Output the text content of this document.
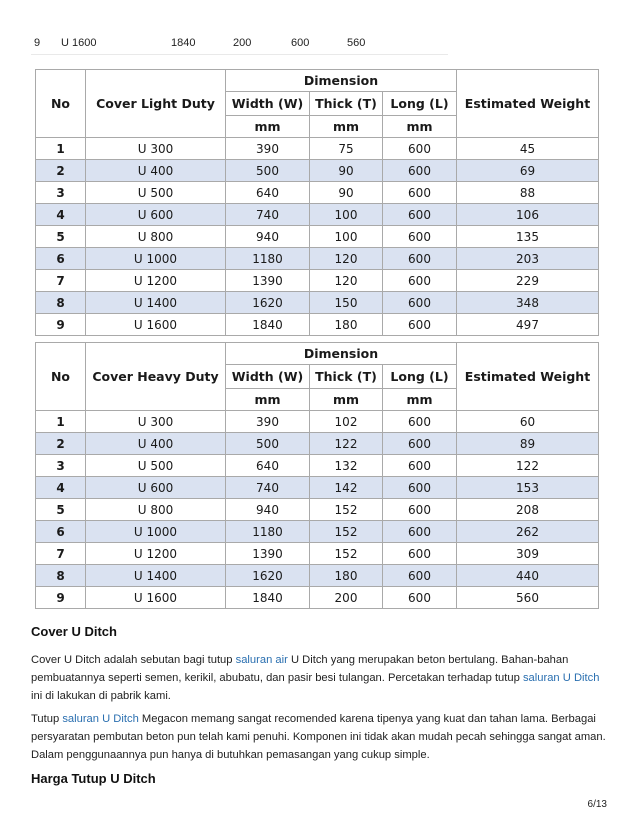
9 U 1600	1840	200	600	560
No	Cover Light Duty	Dimension			Estimated Weight
		Width (W)	Thick (T)	Long (L)	
		mm	mm	mm	
1	U 300	390	75	600	45
2	U 400	500	90	600	69
3	U 500	640	90	600	88
4	U 600	740	100	600	106
5	U 800	940	100	600	135
6	U 1000	1180	120	600	203
7	U 1200	1390	120	600	229
8	U 1400	1620	150	600	348
9	U 1600	1840	180	600	497
No	Cover Heavy Duty	Dimension			Estimated Weight
		Width (W)	Thick (T)	Long (L)	
		mm	mm	mm	
1	U 300	390	102	600	60
2	U 400	500	122	600	89
3	U 500	640	132	600	122
4	U 600	740	142	600	153
5	U 800	940	152	600	208
6	U 1000	1180	152	600	262
7	U 1200	1390	152	600	309
8	U 1400	1620	180	600	440
9	U 1600	1840	200	600	560
Cover U Ditch

Cover U Ditch adalah sebutan bagi tutup saluran air U Ditch yang merupakan beton bertulang. Bahan-bahan pembuatannya seperti semen, kerikil, abubatu, dan pasir besi tulangan. Percetakan terhadap tutup saluran U Ditch ini di lakukan di pabrik kami.

Tutup saluran U Ditch Megacon memang sangat recomended karena tipenya yang kuat dan tahan lama. Berbagai persyaratan pembutan beton pun telah kami penuhi. Komponen ini tidak akan mudah pecah sehingga sangat aman. Dalam penggunaannya pun hanya di butuhkan pemasangan yang cukup simple.

Harga Tutup U Ditch
6/13
